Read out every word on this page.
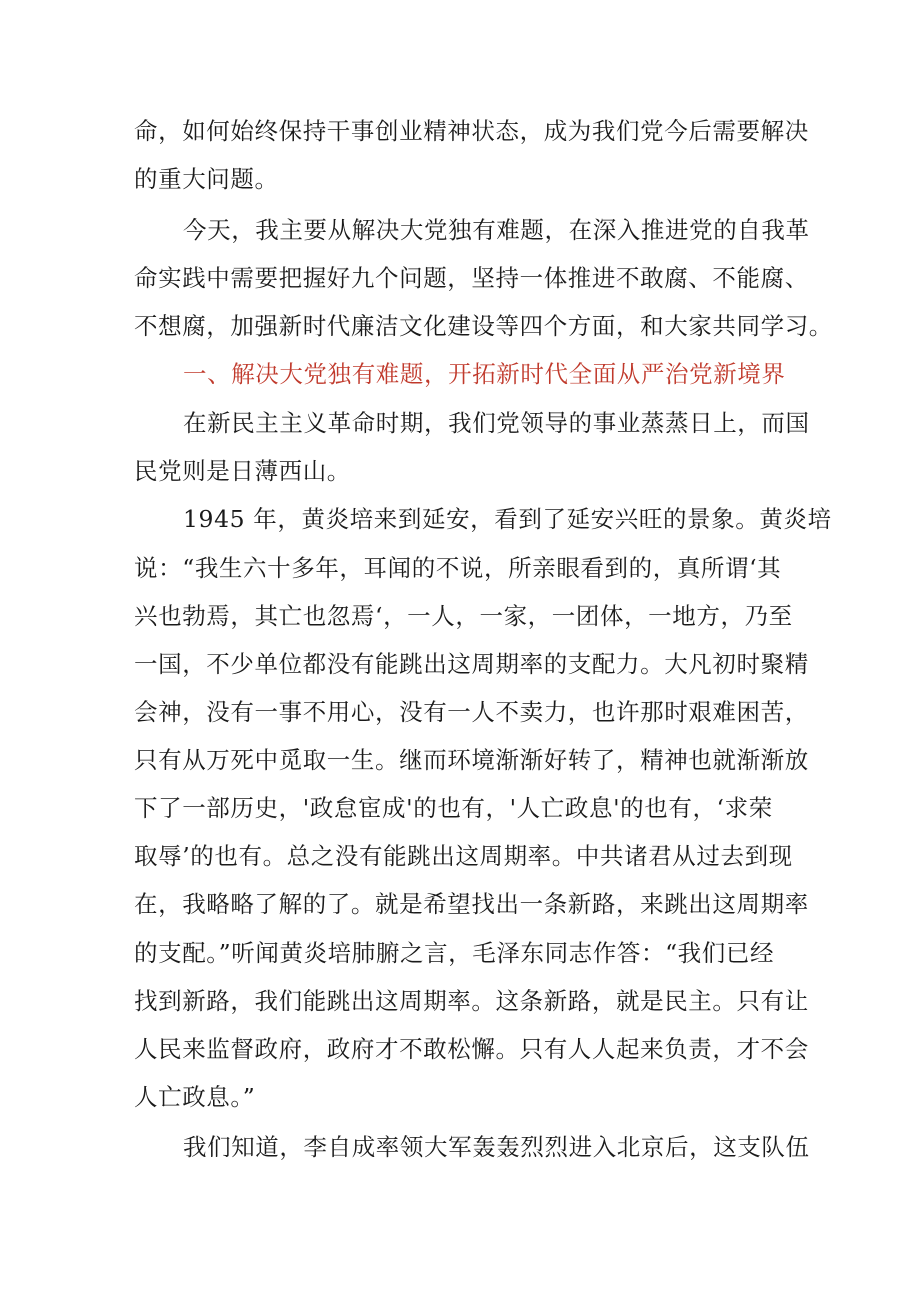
命，如何始终保持干事创业精神状态，成为我们党今后需要解决
的重大问题。
今天，我主要从解决大党独有难题，在深入推进党的自我革
命实践中需要把握好九个问题，坚持一体推进不敢腐、不能腐、
不想腐，加强新时代廉洁文化建设等四个方面，和大家共同学习。
一、解决大党独有难题，开拓新时代全面从严治党新境界
在新民主主义革命时期，我们党领导的事业蒸蒸日上，而国
民党则是日薄西山。
1945 年，黄炎培来到延安，看到了延安兴旺的景象。黄炎培
说：“我生六十多年，耳闻的不说，所亲眼看到的，真所谓‘其
兴也勃焉，其亡也忽焉‘，一人，一家，一团体，一地方，乃至
一国，不少单位都没有能跳出这周期率的支配力。大凡初时聚精
会神，没有一事不用心，没有一人不卖力，也许那时艰难困苦，
只有从万死中觅取一生。继而环境渐渐好转了，精神也就渐渐放
下了一部历史，'政怠宦成'的也有，'人亡政息'的也有，‘求荣
取辱’的也有。总之没有能跳出这周期率。中共诸君从过去到现
在，我略略了解的了。就是希望找出一条新路，来跳出这周期率
的支配。”听闻黄炎培肺腑之言，毛泽东同志作答：“我们已经
找到新路，我们能跳出这周期率。这条新路，就是民主。只有让
人民来监督政府，政府才不敢松懈。只有人人起来负责，才不会
人亡政息。”
我们知道，李自成率领大军轰轰烈烈进入北京后，这支队伍
